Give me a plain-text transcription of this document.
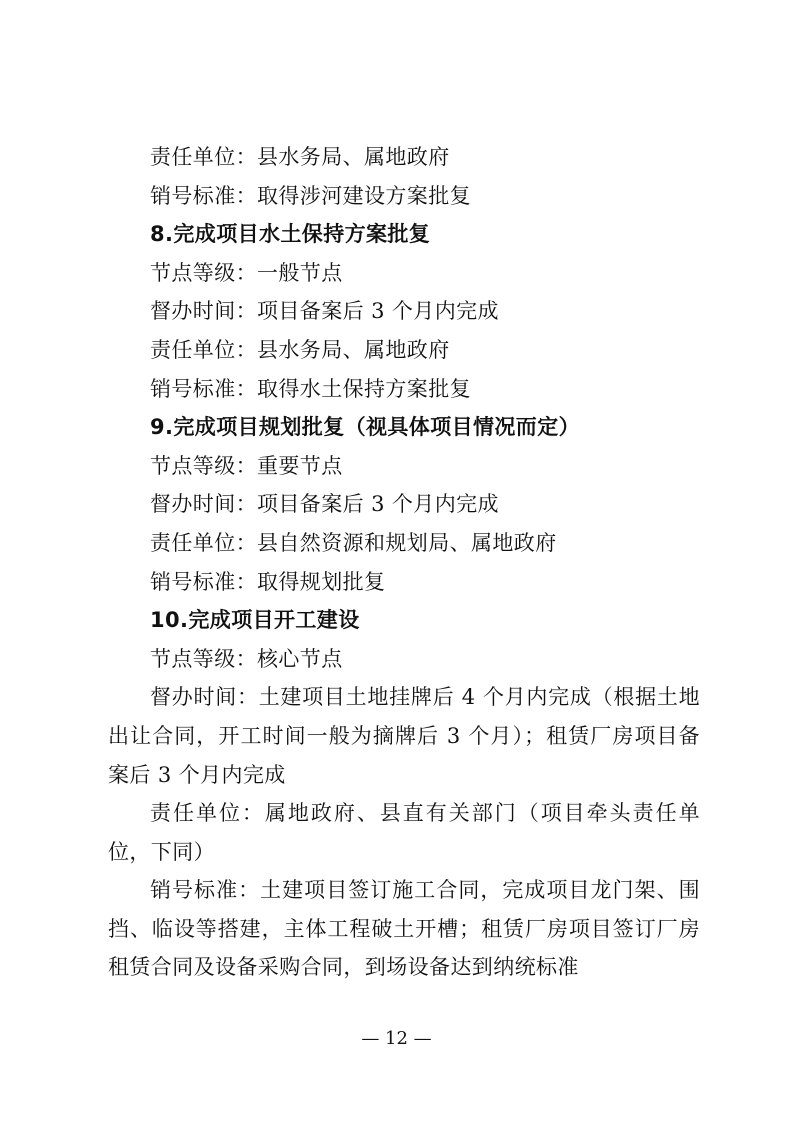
责任单位：县水务局、属地政府
销号标准：取得涉河建设方案批复
8.完成项目水土保持方案批复
节点等级：一般节点
督办时间：项目备案后 3 个月内完成
责任单位：县水务局、属地政府
销号标准：取得水土保持方案批复
9.完成项目规划批复（视具体项目情况而定）
节点等级：重要节点
督办时间：项目备案后 3 个月内完成
责任单位：县自然资源和规划局、属地政府
销号标准：取得规划批复
10.完成项目开工建设
节点等级：核心节点
督办时间：土建项目土地挂牌后 4 个月内完成（根据土地出让合同，开工时间一般为摘牌后 3 个月）；租赁厂房项目备案后 3 个月内完成
责任单位：属地政府、县直有关部门（项目牵头责任单位，下同）
销号标准：土建项目签订施工合同，完成项目龙门架、围挡、临设等搭建，主体工程破土开槽；租赁厂房项目签订厂房租赁合同及设备采购合同，到场设备达到纳统标准
— 12 —
